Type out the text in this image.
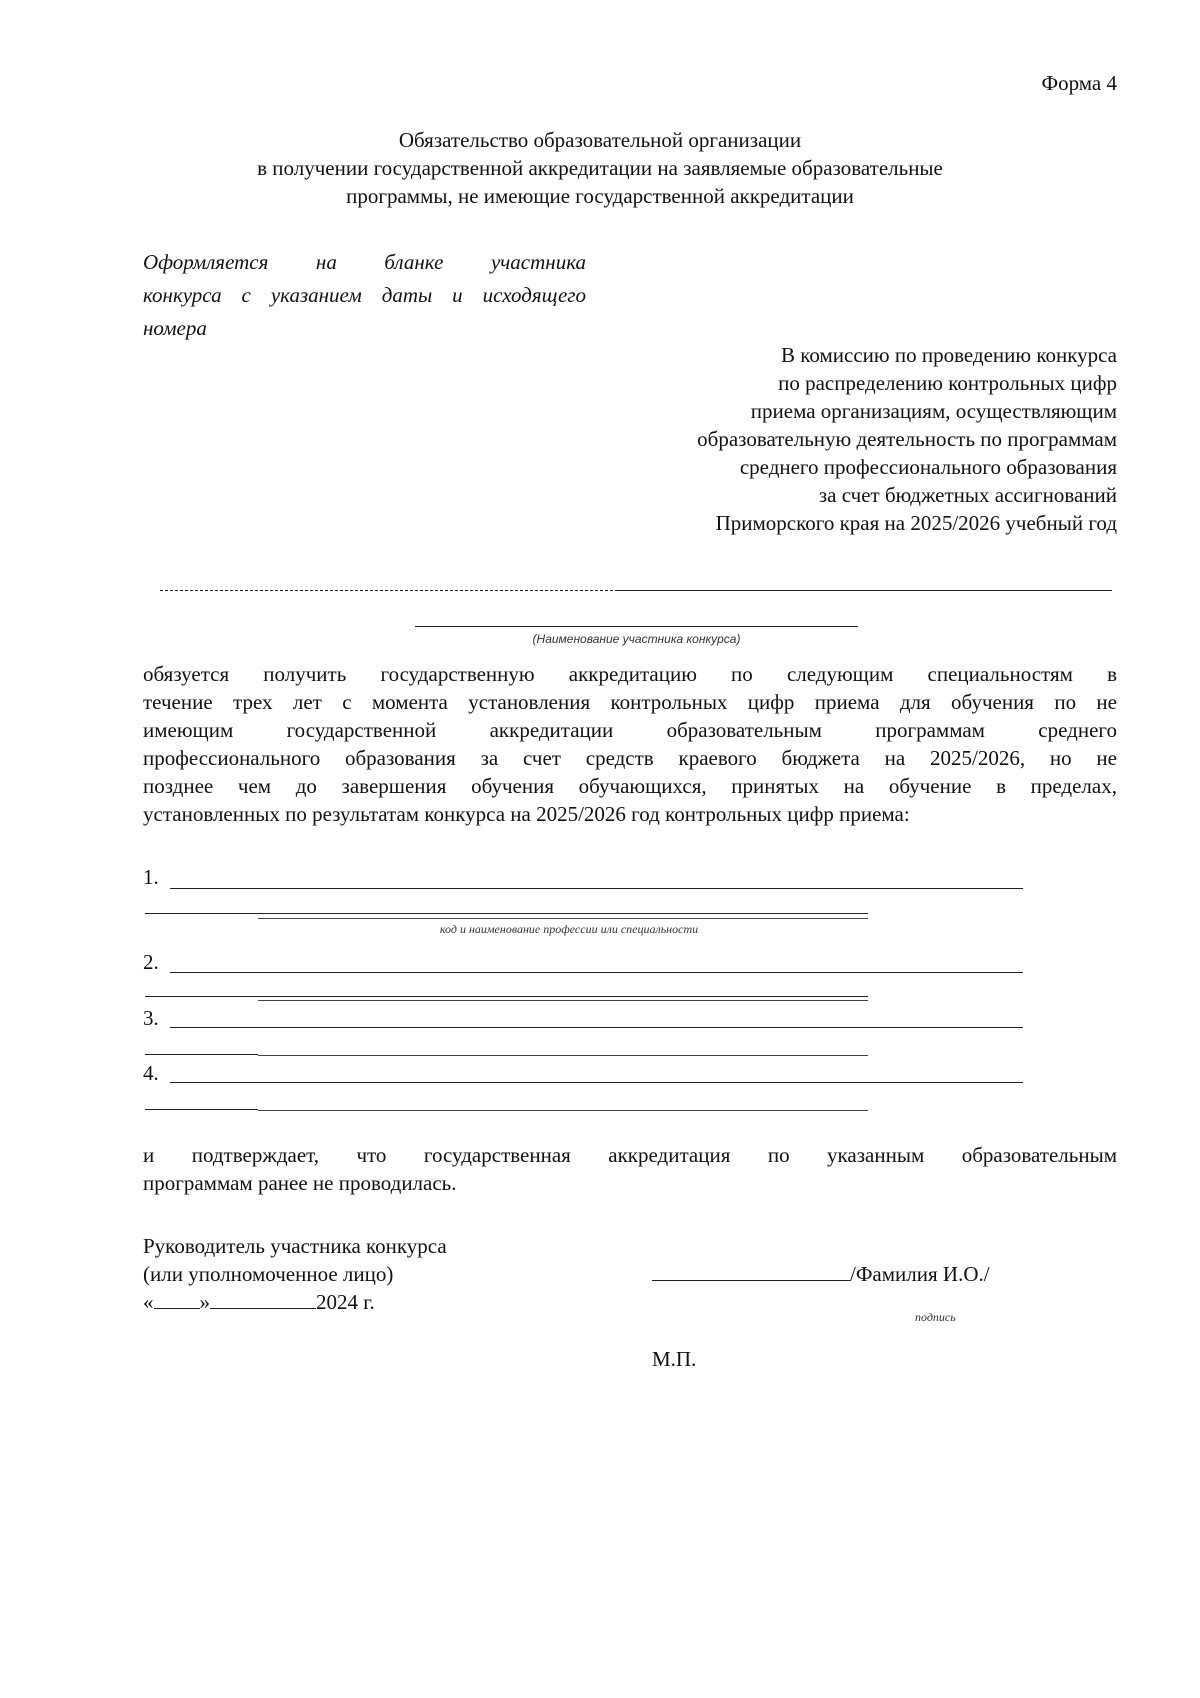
Форма 4
Обязательство образовательной организации
в получении государственной аккредитации на заявляемые образовательные
программы, не имеющие государственной аккредитации
Оформляется на бланке участника
конкурса с указанием даты и исходящего
номера
В комиссию по проведению конкурса
по распределению контрольных цифр
приема организациям, осуществляющим
образовательную деятельность по программам
среднего профессионального образования
за счет бюджетных ассигнований
Приморского края на 2025/2026 учебный год
(Наименование участника конкурса)
обязуется получить государственную аккредитацию по следующим специальностям в
течение трех лет с момента установления контрольных цифр приема для обучения по не
имеющим государственной аккредитации образовательным программам среднего
профессионального образования за счет средств краевого бюджета на 2025/2026, но не
позднее чем до завершения обучения обучающихся, принятых на обучение в пределах,
установленных по результатам конкурса на 2025/2026 год контрольных цифр приема:
1.
код и наименование профессии или специальности
2.
3.
4.
и подтверждает, что государственная аккредитация по указанным образовательным
программам ранее не проводилась.
Руководитель участника конкурса
(или уполномоченное лицо)
« »	2024 г.
/Фамилия И.О./
подпись
М.П.
